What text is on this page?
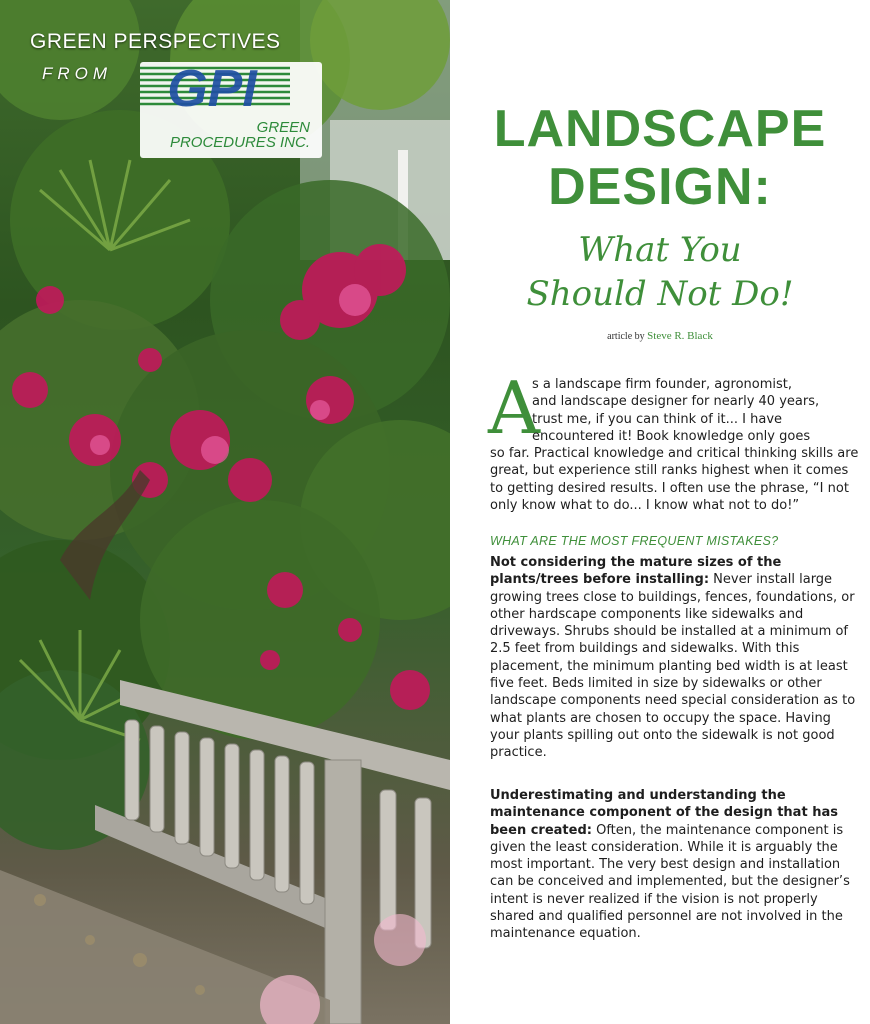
GREEN PERSPECTIVES
FROM GPI
GREEN
PROCEDURES INC.	LANDSCAPE
DESIGN:
What You
Should Not Do!
article by Steve R. Black
A
s a landscape firm founder, agronomist,
and landscape designer for nearly 40 years,
trust me, if you can think of it... I have
encountered it! Book knowledge only goes
so far. Practical knowledge and critical thinking skills are great, but experience still ranks highest when it comes to getting desired results. I often use the phrase, “I not only know what to do... I know what not to do!”
WHAT ARE THE MOST FREQUENT MISTAKES?
Not considering the mature sizes of the plants/trees before installing: Never install large growing trees close to buildings, fences, foundations, or other hardscape components like sidewalks and driveways. Shrubs should be installed at a minimum of 2.5 feet from buildings and sidewalks. With this placement, the minimum planting bed width is at least five feet. Beds limited in size by sidewalks or other landscape components need special consideration as to what plants are chosen to occupy the space. Having your plants spilling out onto the sidewalk is not good practice.
Underestimating and understanding the maintenance component of the design that has been created: Often, the maintenance component is given the least consideration. While it is arguably the most important. The very best design and installation can be conceived and implemented, but the designer’s intent is never realized if the vision is not properly shared and qualified personnel are not involved in the maintenance equation.
